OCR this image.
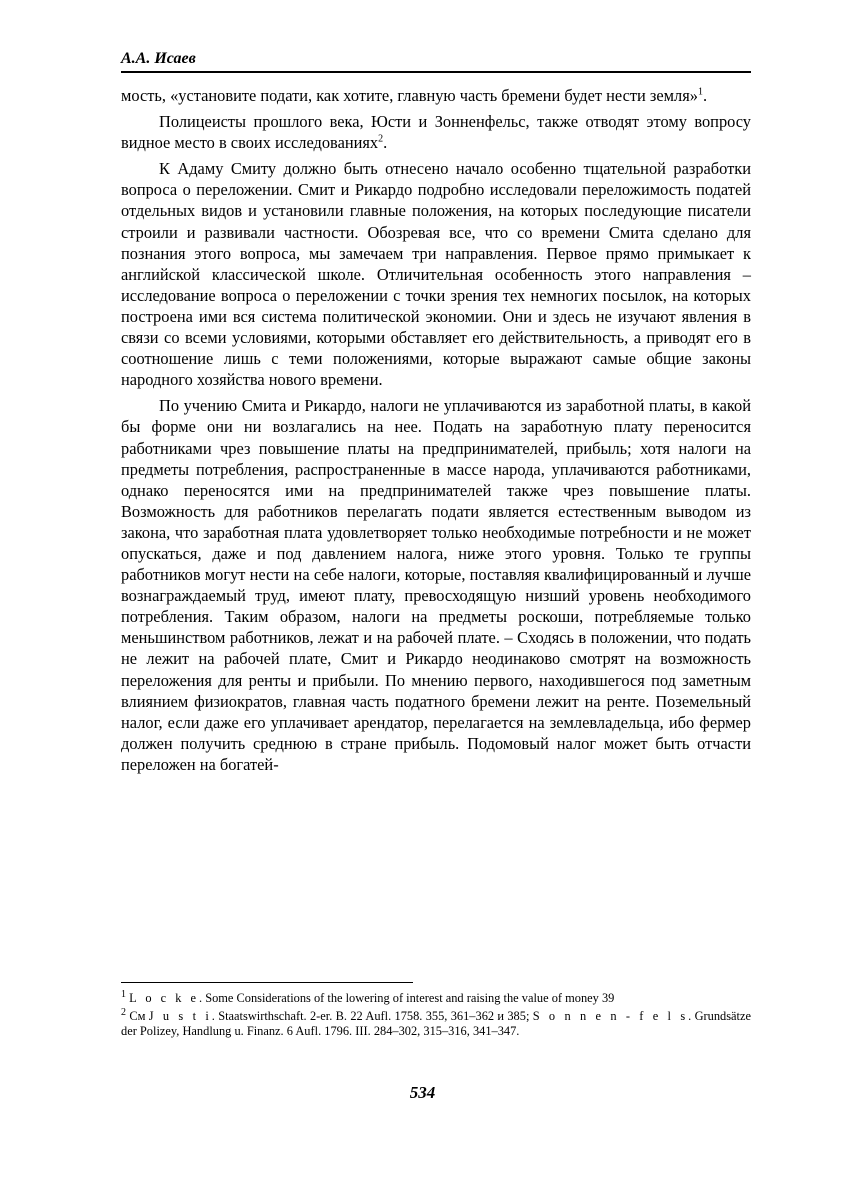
А.А. Исаев

мость, «установите подати, как хотите, главную часть бремени будет нести земля»$^1$.

Полицеисты прошлого века, Юсти и Зонненфельс, также отводят этому вопросу видное место в своих исследованиях$^2$.

К Адаму Смиту должно быть отнесено начало особенно тщательной разработки вопроса о переложении. Смит и Рикардо подробно исследовали переложимость податей отдельных видов и установили главные положения, на которых последующие писатели строили и развивали частности. Обозревая все, что со времени Смита сделано для познания этого вопроса, мы замечаем три направления. Первое прямо примыкает к английской классической школе. Отличительная особенность этого направления – исследование вопроса о переложении с точки зрения тех немногих посылок, на которых построена ими вся система политической экономии. Они и здесь не изучают явления в связи со всеми условиями, которыми обставляет его действительность, а приводят его в соотношение лишь с теми положениями, которые выражают самые общие законы народного хозяйства нового времени.

По учению Смита и Рикардо, налоги не уплачиваются из заработной платы, в какой бы форме они ни возлагались на нее. Подать на заработную плату переносится работниками чрез повышение платы на предпринимателей, прибыль; хотя налоги на предметы потребления, распространенные в массе народа, уплачиваются работниками, однако переносятся ими на предпринимателей также чрез повышение платы. Возможность для работников перелагать подати является естественным выводом из закона, что заработная плата удовлетворяет только необходимые потребности и не может опускаться, даже и под давлением налога, ниже этого уровня. Только те группы работников могут нести на себе налоги, которые, поставляя квалифицированный и лучше вознаграждаемый труд, имеют плату, превосходящую низший уровень необходимого потребления. Таким образом, налоги на предметы роскоши, потребляемые только меньшинством работников, лежат и на рабочей плате. – Сходясь в положении, что подать не лежит на рабочей плате, Смит и Рикардо неодинаково смотрят на возможность переложения для ренты и прибыли. По мнению первого, находившегося под заметным влиянием физиократов, главная часть податного бремени лежит на ренте. Поземельный налог, если даже его уплачивает арендатор, перелагается на землевладельца, ибо фермер должен получить среднюю в стране прибыль. Подомовый налог может быть отчасти переложен на богатей-

$^1$ L o c k e. Some Considerations of the lowering of interest and raising the value of money 39

$^2$ См J u s t i. Staatswirthschaft. 2-er. B. 22 Aufl. 1758. 355, 361–362 и 385; S o n n e n - f e l s. Grundsätze der Polizey, Handlung u. Finanz. 6 Aufl. 1796. III. 284–302, 315–316, 341–347.

534
